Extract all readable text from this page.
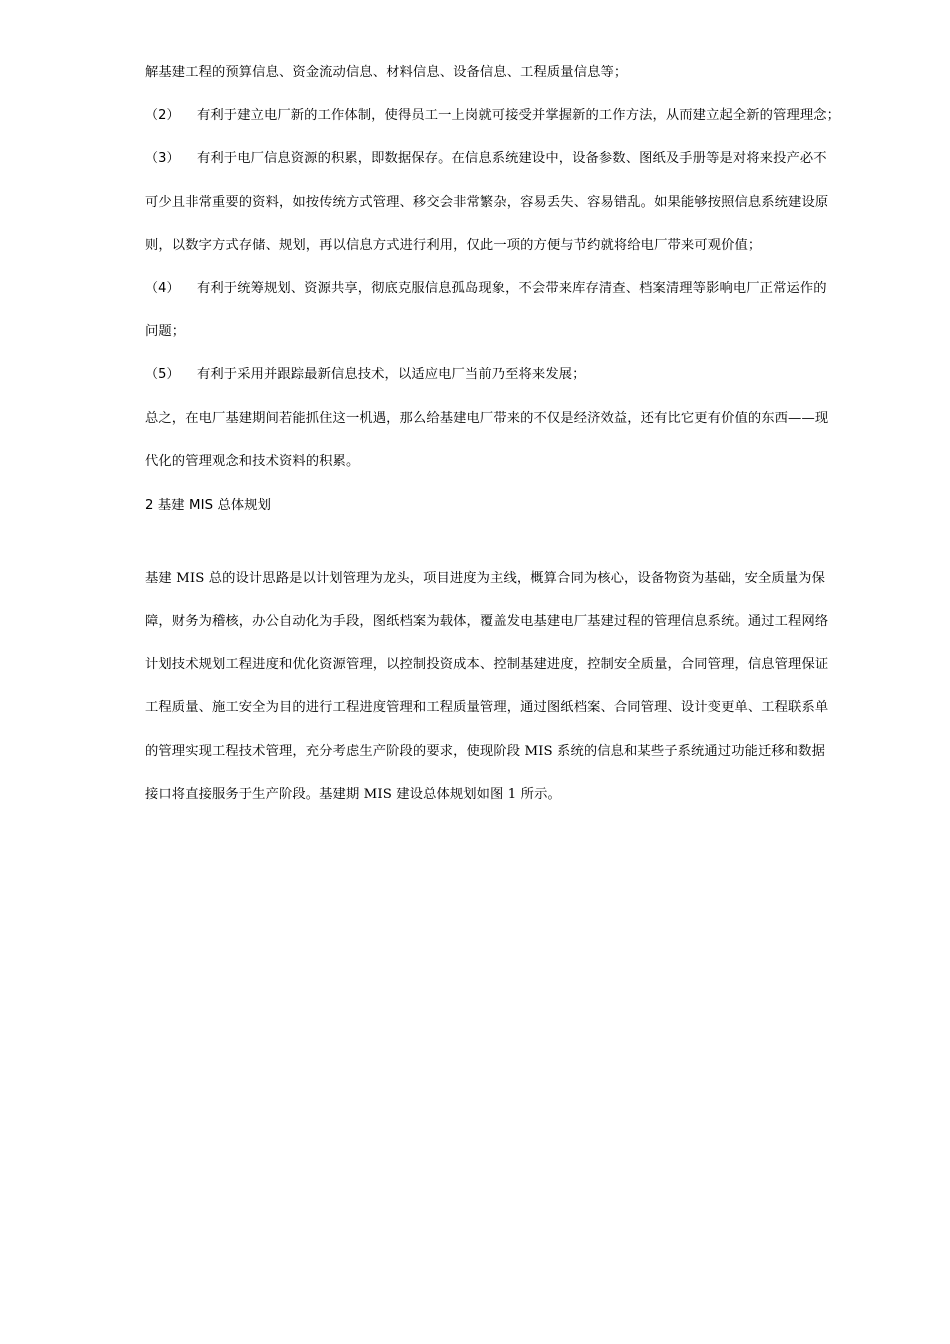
解基建工程的预算信息、资金流动信息、材料信息、设备信息、工程质量信息等；
（2） 有利于建立电厂新的工作体制，使得员工一上岗就可接受并掌握新的工作方法，从而建立起全新的管理理念；
（3） 有利于电厂信息资源的积累，即数据保存。在信息系统建设中，设备参数、图纸及手册等是对将来投产必不
可少且非常重要的资料，如按传统方式管理、移交会非常繁杂，容易丢失、容易错乱。如果能够按照信息系统建设原
则，以数字方式存储、规划，再以信息方式进行利用，仅此一项的方便与节约就将给电厂带来可观价值；
（4） 有利于统筹规划、资源共享，彻底克服信息孤岛现象，不会带来库存清查、档案清理等影响电厂正常运作的
问题；
（5） 有利于采用并跟踪最新信息技术，以适应电厂当前乃至将来发展；
总之，在电厂基建期间若能抓住这一机遇，那么给基建电厂带来的不仅是经济效益，还有比它更有价值的东西——现
代化的管理观念和技术资料的积累。
2 基建 MIS 总体规划
基建 MIS 总的设计思路是以计划管理为龙头，项目进度为主线，概算合同为核心，设备物资为基础，安全质量为保
障，财务为稽核，办公自动化为手段，图纸档案为载体，覆盖发电基建电厂基建过程的管理信息系统。通过工程网络
计划技术规划工程进度和优化资源管理，以控制投资成本、控制基建进度，控制安全质量，合同管理，信息管理保证
工程质量、施工安全为目的进行工程进度管理和工程质量管理，通过图纸档案、合同管理、设计变更单、工程联系单
的管理实现工程技术管理，充分考虑生产阶段的要求，使现阶段 MIS 系统的信息和某些子系统通过功能迁移和数据
接口将直接服务于生产阶段。基建期 MIS 建设总体规划如图 1 所示。
